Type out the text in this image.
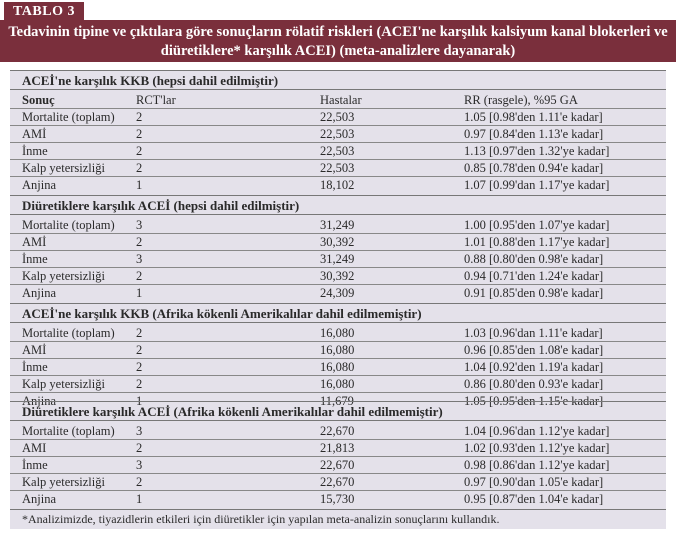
TABLO 3
Tedavinin tipine ve çıktılara göre sonuçların rölatif riskleri (ACEI'ne karşılık kalsiyum kanal blokerleri ve
diüretiklere* karşılık ACEI) (meta-analizlere dayanarak)
ACEİ'ne karşılık KKB (hepsi dahil edilmiştir)
Sonuç	RCT'lar	Hastalar	RR (rasgele), %95 GA
Mortalite (toplam) 2	22,503	1.05 [0.98'den 1.11'e kadar]
AMİ	2	22,503	0.97 [0.84'den 1.13'e kadar]
İnme	2	22,503	1.13 [0.97'den 1.32'ye kadar]
Kalp yetersizliği 2	22,503	0.85 [0.78'den 0.94'e kadar]
Anjina	1	18,102	1.07 [0.99'dan 1.17'ye kadar]
Diüretiklere karşılık ACEİ (hepsi dahil edilmiştir)
Mortalite (toplam) 3	31,249	1.00 [0.95'den 1.07'ye kadar]
AMİ	2	30,392	1.01 [0.88'den 1.17'ye kadar]
İnme	3	31,249	0.88 [0.80'den 0.98'e kadar]
Kalp yetersizliği 2	30,392	0.94 [0.71'den 1.24'e kadar]
Anjina	1	24,309	0.91 [0.85'den 0.98'e kadar]
ACEİ'ne karşılık KKB (Afrika kökenli Amerikalılar dahil edilmemiştir)
Mortalite (toplam) 2	16,080	1.03 [0.96'dan 1.11'e kadar]
AMİ	2	16,080	0.96 [0.85'den 1.08'e kadar]
İnme	2	16,080	1.04 [0.92'den 1.19'a kadar]
Kalp yetersizliği 2	16,080	0.86 [0.80'den 0.93'e kadar]
Anjina	1	11,679	1.05 [0.95'den 1.15'e kadar]
Diüretiklere karşılık ACEİ (Afrika kökenli Amerikalılar dahil edilmemiştir)
Mortalite (toplam) 3	22,670	1.04 [0.96'dan 1.12'ye kadar]
AMI	2	21,813	1.02 [0.93'den 1.12'ye kadar]
İnme	3	22,670	0.98 [0.86'dan 1.12'ye kadar]
Kalp yetersizliği 2	22,670	0.97 [0.90'dan 1.05'e kadar]
Anjina	1	15,730	0.95 [0.87'den 1.04'e kadar]
*Analizimizde, tiyazidlerin etkileri için diüretikler için yapılan meta-analizin sonuçlarını kullandık.
